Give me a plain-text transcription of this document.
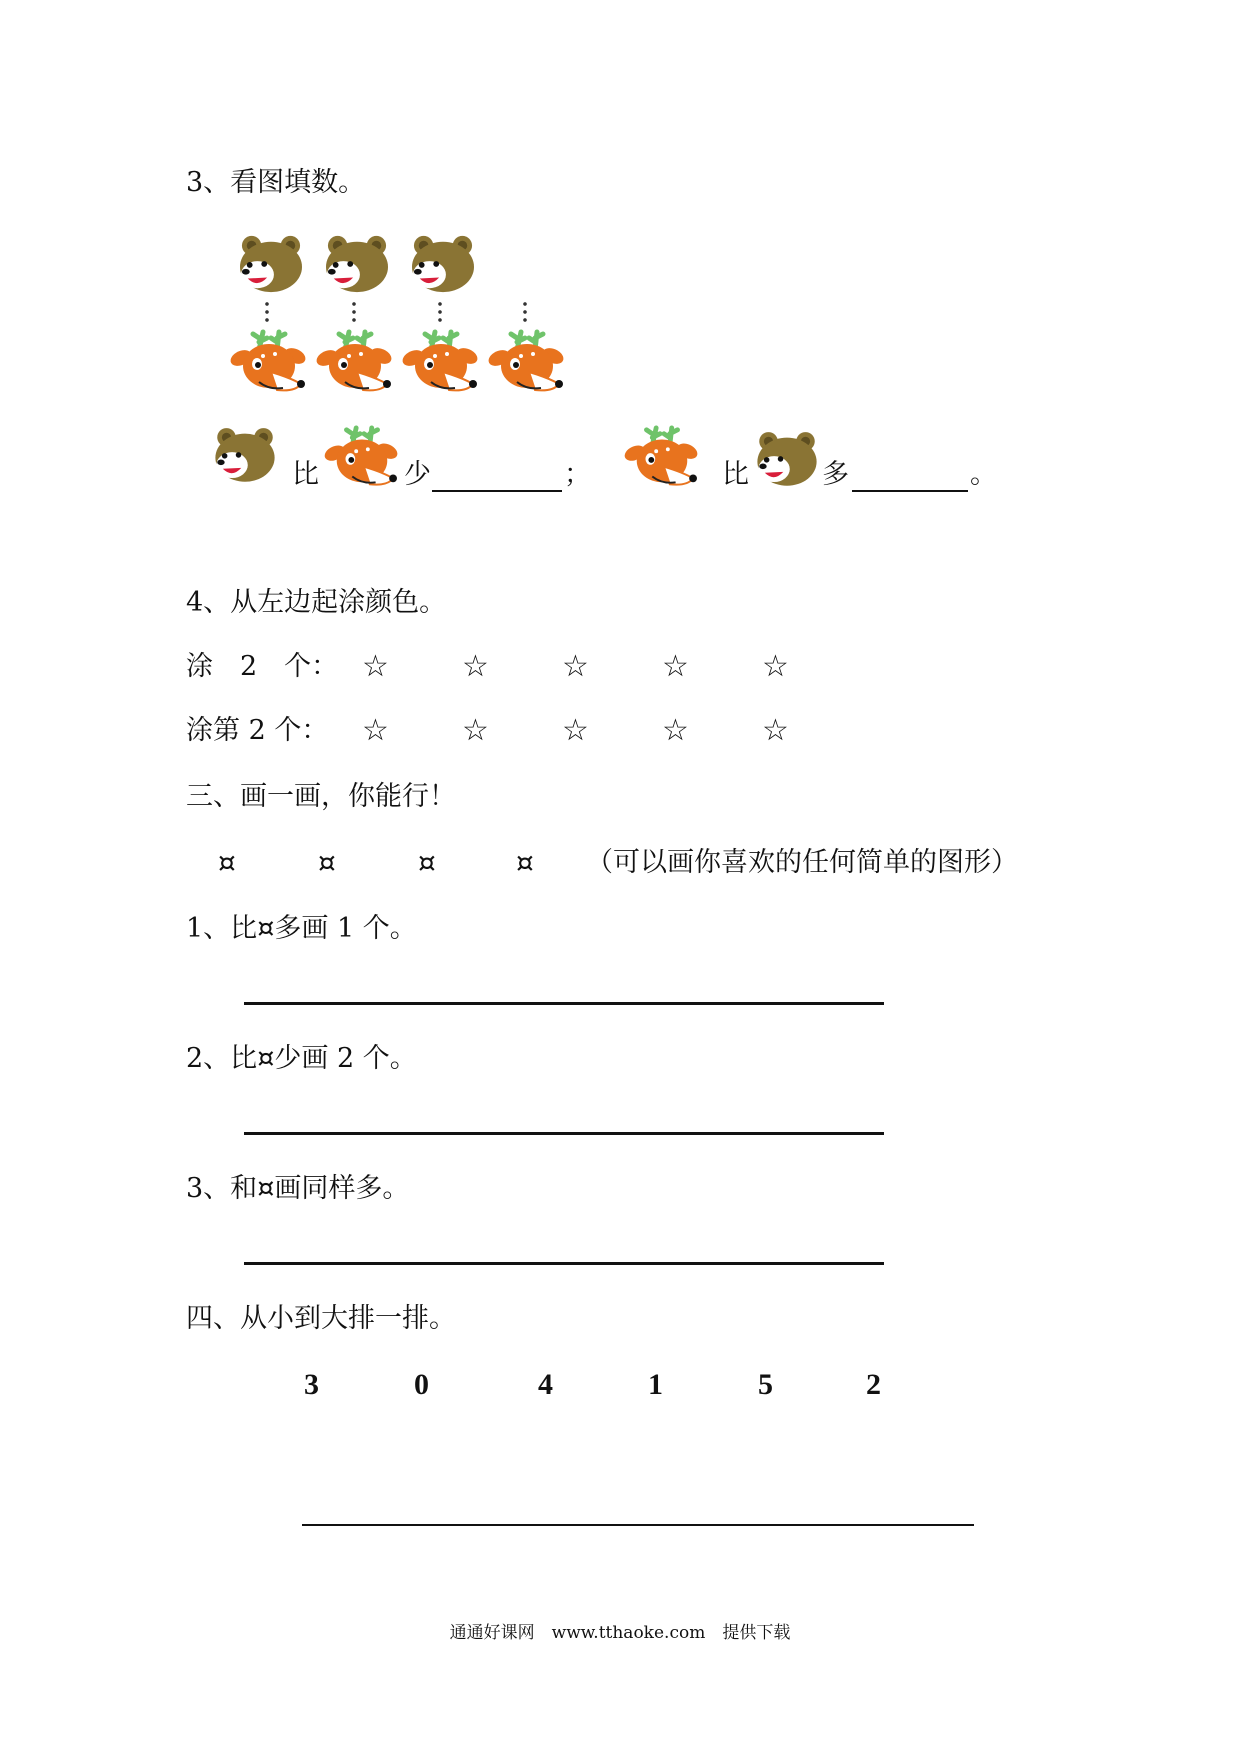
3、看图填数。
比	少	；	比	多	。
4、从左边起涂颜色。
涂　2　个： ☆ ☆ ☆ ☆ ☆
涂第 2 个： ☆ ☆ ☆ ☆ ☆
三、画一画，你能行！
¤	¤	¤	¤ （可以画你喜欢的任何简单的图形）
1、比¤多画 1 个。
2、比¤少画 2 个。
3、和¤画同样多。
四、从小到大排一排。
3	0	4	1	5	2
通通好课网　www.tthaoke.com　提供下载
